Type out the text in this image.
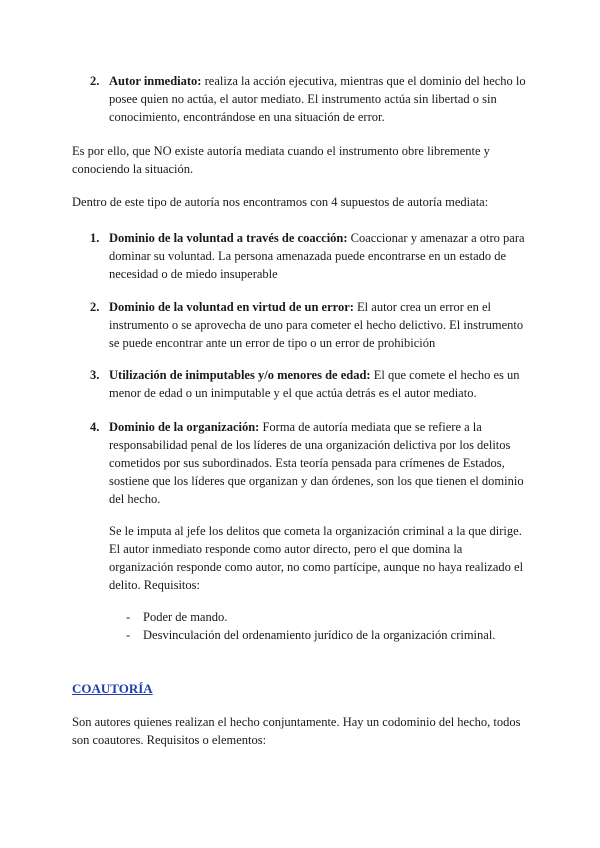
2. Autor inmediato: realiza la acción ejecutiva, mientras que el dominio del hecho lo posee quien no actúa, el autor mediato. El instrumento actúa sin libertad o sin conocimiento, encontrándose en una situación de error.
Es por ello, que NO existe autoría mediata cuando el instrumento obre libremente y conociendo la situación.
Dentro de este tipo de autoría nos encontramos con 4 supuestos de autoría mediata:
1. Dominio de la voluntad a través de coacción: Coaccionar y amenazar a otro para dominar su voluntad. La persona amenazada puede encontrarse en un estado de necesidad o de miedo insuperable
2. Dominio de la voluntad en virtud de un error: El autor crea un error en el instrumento o se aprovecha de uno para cometer el hecho delictivo. El instrumento se puede encontrar ante un error de tipo o un error de prohibición
3. Utilización de inimputables y/o menores de edad: El que comete el hecho es un menor de edad o un inimputable y el que actúa detrás es el autor mediato.
4. Dominio de la organización: Forma de autoría mediata que se refiere a la responsabilidad penal de los líderes de una organización delictiva por los delitos cometidos por sus subordinados. Esta teoría pensada para crímenes de Estados, sostiene que los líderes que organizan y dan órdenes, son los que tienen el dominio del hecho.
Se le imputa al jefe los delitos que cometa la organización criminal a la que dirige. El autor inmediato responde como autor directo, pero el que domina la organización responde como autor, no como partícipe, aunque no haya realizado el delito. Requisitos:
- Poder de mando.
- Desvinculación del ordenamiento jurídico de la organización criminal.
COAUTORÍA
Son autores quienes realizan el hecho conjuntamente. Hay un codominio del hecho, todos son coautores. Requisitos o elementos:
